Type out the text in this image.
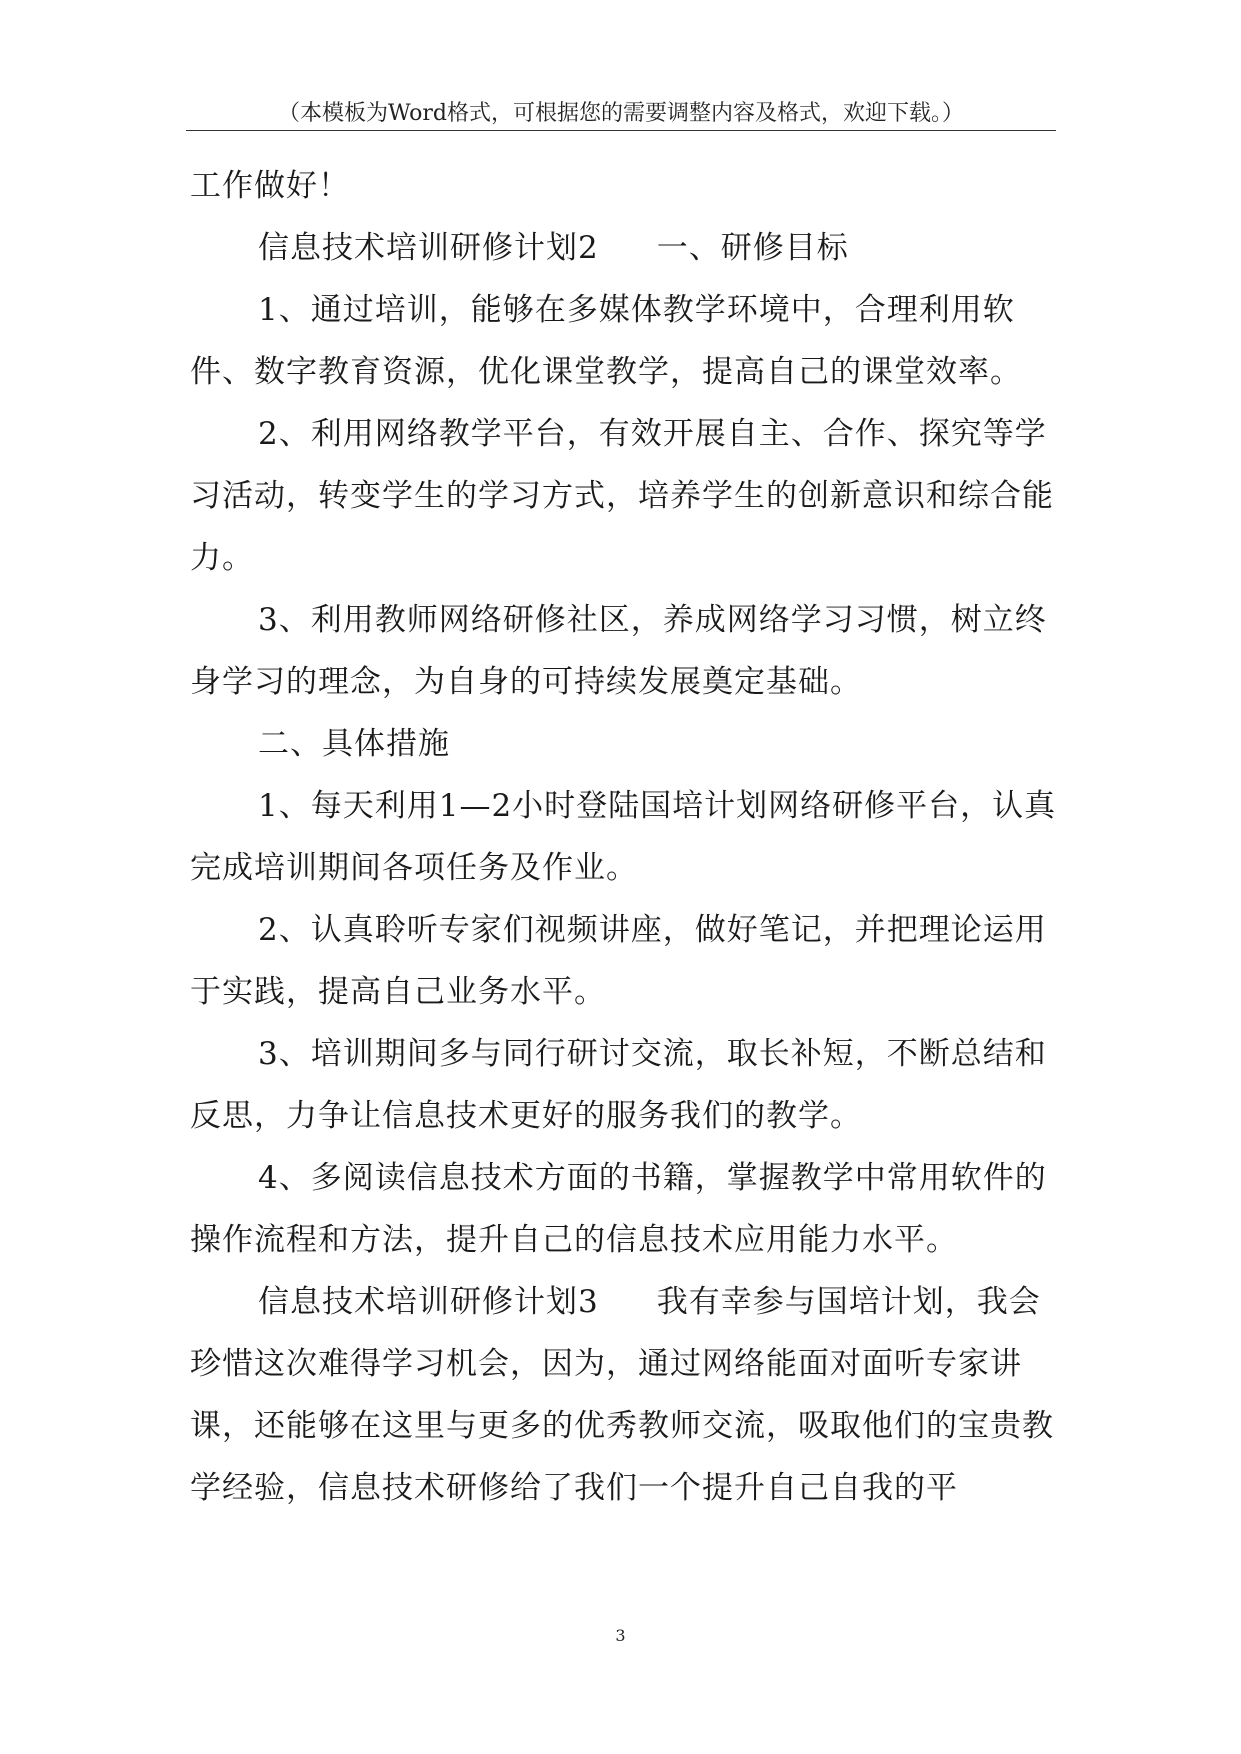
（本模板为Word格式，可根据您的需要调整内容及格式，欢迎下载。）

工作做好！

信息技术培训研修计划2 一、研修目标

1、通过培训，能够在多媒体教学环境中，合理利用软件、数字教育资源，优化课堂教学，提高自己的课堂效率。

2、利用网络教学平台，有效开展自主、合作、探究等学习活动，转变学生的学习方式，培养学生的创新意识和综合能力。

3、利用教师网络研修社区，养成网络学习习惯，树立终身学习的理念，为自身的可持续发展奠定基础。

二、具体措施

1、每天利用1—2小时登陆国培计划网络研修平台，认真完成培训期间各项任务及作业。

2、认真聆听专家们视频讲座，做好笔记，并把理论运用于实践，提高自己业务水平。

3、培训期间多与同行研讨交流，取长补短，不断总结和反思，力争让信息技术更好的服务我们的教学。

4、多阅读信息技术方面的书籍，掌握教学中常用软件的操作流程和方法，提升自己的信息技术应用能力水平。

信息技术培训研修计划3 我有幸参与国培计划，我会珍惜这次难得学习机会，因为，通过网络能面对面听专家讲课，还能够在这里与更多的优秀教师交流，吸取他们的宝贵教学经验，信息技术研修给了我们一个提升自己自我的平

3
